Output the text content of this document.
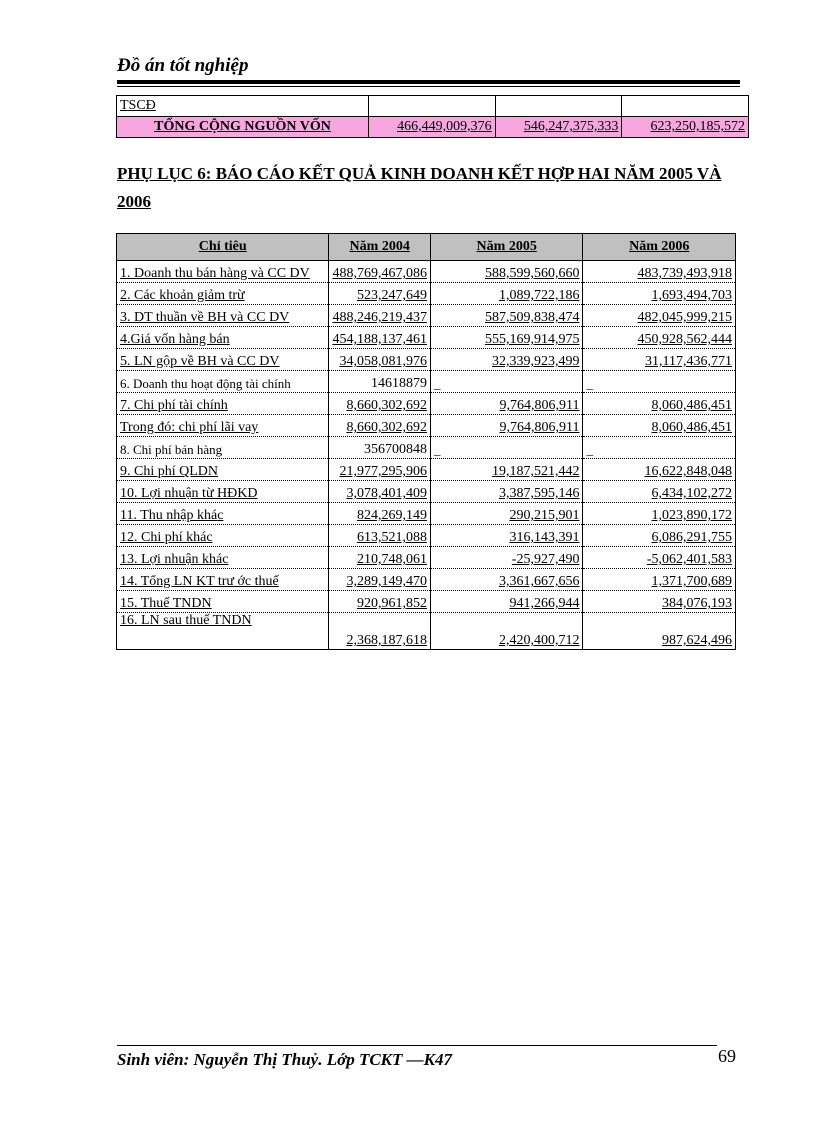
Đồ án tốt nghiệp
TSCĐ			
TỔNG CỘNG NGUỒN VỐN	466,449,009,376	546,247,375,333	623,250,185,572
PHỤ LỤC 6: BÁO CÁO KẾT QUẢ KINH DOANH KẾT HỢP HAI NĂM 2005 VÀ 2006
Chỉ tiêu	Năm 2004	Năm 2005	Năm 2006
1. Doanh thu bán hàng và CC DV	488,769,467,086	588,599,560,660	483,739,493,918
2. Các khoản giảm trừ	523,247,649	1,089,722,186	1,693,494,703
3. DT thuần về BH và CC DV	488,246,219,437	587,509,838,474	482,045,999,215
4.Giá vốn hàng bán	454,188,137,461	555,169,914,975	450,928,562,444
5. LN gộp về BH và CC DV	34,058,081,976	32,339,923,499	31,117,436,771
6. Doanh thu hoạt động tài chính	14618879	_	_
7. Chi phí tài chính	8,660,302,692	9,764,806,911	8,060,486,451
Trong đó: chi phí lãi vay	8,660,302,692	9,764,806,911	8,060,486,451
8. Chi phí bán hàng	356700848	_	_
9. Chi phí QLDN	21,977,295,906	19,187,521,442	16,622,848,048
10. Lợi nhuận từ HĐKD	3,078,401,409	3,387,595,146	6,434,102,272
11. Thu nhập khác	824,269,149	290,215,901	1,023,890,172
12. Chi phí khác	613,521,088	316,143,391	6,086,291,755
13. Lợi nhuận khác	210,748,061	-25,927,490	-5,062,401,583
14. Tổng LN KT trư ớc thuế	3,289,149,470	3,361,667,656	1,371,700,689
15. Thuế TNDN	920,961,852	941,266,944	384,076,193
16. LN sau thuế TNDN	2,368,187,618	2,420,400,712	987,624,496
Sinh viên: Nguyễn Thị Thuỷ. Lớp TCKT —K47	69
